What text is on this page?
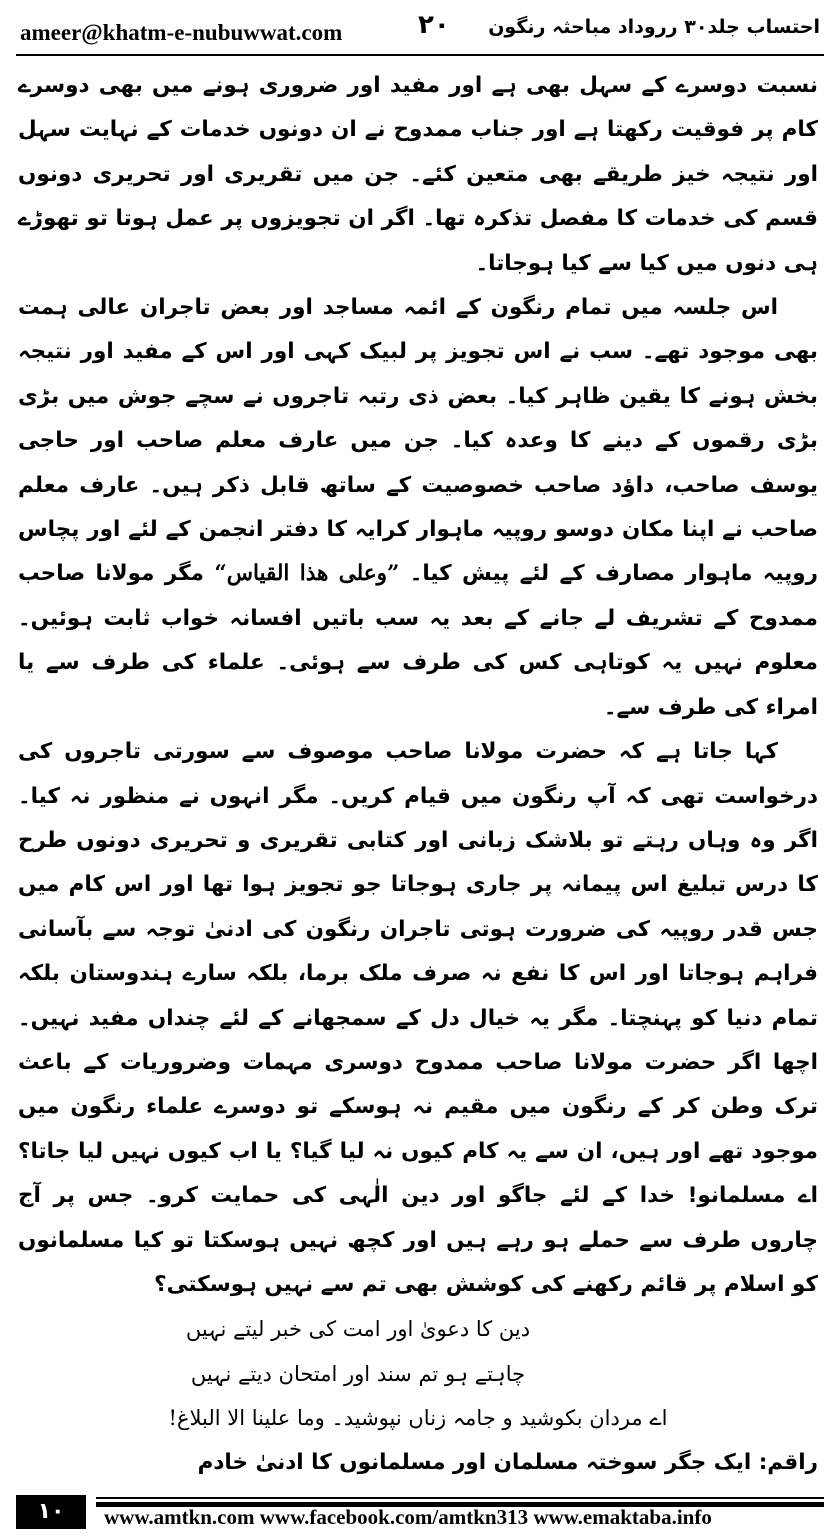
ameer@khatm-e-nubuwwat.com	۲۰ احتساب جلد۳۰ رروداد مباحثہ رنگون

نسبت دوسرے کے سہل بھی ہے اور مفید اور ضروری ہونے میں بھی دوسرے کام پر فوقیت رکھتا ہے اور جناب ممدوح نے ان دونوں خدمات کے نہایت سہل اور نتیجہ خیز طریقے بھی متعین کئے۔ جن میں تقریری اور تحریری دونوں قسم کی خدمات کا مفصل تذکرہ تھا۔ اگر ان تجویزوں پر عمل ہوتا تو تھوڑے ہی دنوں میں کیا سے کیا ہوجاتا۔

اس جلسہ میں تمام رنگون کے ائمہ مساجد اور بعض تاجران عالی ہمت بھی موجود تھے۔ سب نے اس تجویز پر لبیک کہی اور اس کے مفید اور نتیجہ بخش ہونے کا یقین ظاہر کیا۔ بعض ذی رتبہ تاجروں نے سچے جوش میں بڑی بڑی رقموں کے دینے کا وعدہ کیا۔ جن میں عارف معلم صاحب اور حاجی یوسف صاحب، داؤد صاحب خصوصیت کے ساتھ قابل ذکر ہیں۔ عارف معلم صاحب نے اپنا مکان دوسو روپیہ ماہوار کرایہ کا دفتر انجمن کے لئے اور پچاس روپیہ ماہوار مصارف کے لئے پیش کیا۔ ”وعلی هذا القياس“ مگر مولانا صاحب ممدوح کے تشریف لے جانے کے بعد یہ سب باتیں افسانہ خواب ثابت ہوئیں۔ معلوم نہیں یہ کوتاہی کس کی طرف سے ہوئی۔ علماء کی طرف سے یا امراء کی طرف سے۔

کہا جاتا ہے کہ حضرت مولانا صاحب موصوف سے سورتی تاجروں کی درخواست تھی کہ آپ رنگون میں قیام کریں۔ مگر انہوں نے منظور نہ کیا۔ اگر وہ وہاں رہتے تو بلاشک زبانی اور کتابی تقریری و تحریری دونوں طرح کا درس تبلیغ اس پیمانہ پر جاری ہوجاتا جو تجویز ہوا تھا اور اس کام میں جس قدر روپیہ کی ضرورت ہوتی تاجران رنگون کی ادنیٰ توجہ سے بآسانی فراہم ہوجاتا اور اس کا نفع نہ صرف ملک برما، بلکہ سارے ہندوستان بلکہ تمام دنیا کو پہنچتا۔ مگر یہ خیال دل کے سمجھانے کے لئے چنداں مفید نہیں۔ اچھا اگر حضرت مولانا صاحب ممدوح دوسری مہمات وضروریات کے باعث ترک وطن کر کے رنگون میں مقیم نہ ہوسکے تو دوسرے علماء رنگون میں موجود تھے اور ہیں، ان سے یہ کام کیوں نہ لیا گیا؟ یا اب کیوں نہیں لیا جاتا؟ اے مسلمانو! خدا کے لئے جاگو اور دین الٰہی کی حمایت کرو۔ جس پر آج چاروں طرف سے حملے ہو رہے ہیں اور کچھ نہیں ہوسکتا تو کیا مسلمانوں کو اسلام پر قائم رکھنے کی کوشش بھی تم سے نہیں ہوسکتی؟

دین کا دعویٰ اور امت کی خبر لیتے نہیں

چاہتے ہو تم سند اور امتحان دیتے نہیں

اے مردان بکوشید و جامہ زناں نپوشید۔ وما علینا الا البلاغ!

راقم: ایک جگر سوختہ مسلمان اور مسلمانوں کا ادنیٰ خادم

۱۰	www.amtkn.com www.facebook.com/amtkn313 www.emaktaba.info
